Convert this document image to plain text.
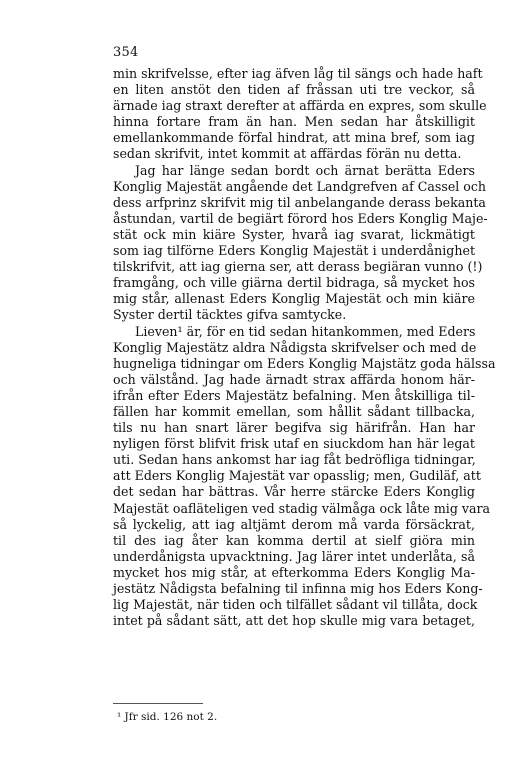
354
min skrifvelsse, efter iag äfven låg til sängs och hade haft
en liten anstöt den tiden af fråssan uti tre veckor, så
ärnade iag straxt derefter at affärda en expres, som skulle
hinna fortare fram än han. Men sedan har åtskilligit
emellankommande förfal hindrat, att mina bref, som iag
sedan skrifvit, intet kommit at affärdas förän nu detta.
Jag har länge sedan bordt och ärnat berätta Eders
Konglig Majestät angående det Landgrefven af Cassel och
dess arfprinz skrifvit mig til anbelangande derass bekanta
åstundan, vartil de begiärt förord hos Eders Konglig Maje-
stät ock min kiäre Syster, hvarå iag svarat, lickmätigt
som iag tilförne Eders Konglig Majestät i underdånighet
tilskrifvit, att iag gierna ser, att derass begiäran vunno (!)
framgång, och ville giärna dertil bidraga, så mycket hos
mig står, allenast Eders Konglig Majestät och min kiäre
Syster dertil täcktes gifva samtycke.
Lieven¹ är, för en tid sedan hitankommen, med Eders
Konglig Majestätz aldra Nådigsta skrifvelser och med de
hugneliga tidningar om Eders Konglig Majstätz goda hälssa
och välstånd. Jag hade ärnadt strax affärda honom här-
ifrån efter Eders Majestätz befalning. Men åtskilliga til-
fällen har kommit emellan, som hållit sådant tillbacka,
tils nu han snart lärer begifva sig härifrån. Han har
nyligen först blifvit frisk utaf en siuckdom han här legat
uti. Sedan hans ankomst har iag fåt bedröfliga tidningar,
att Eders Konglig Majestät var opasslig; men, Gudiläf, att
det sedan har bättras. Vår herre stärcke Eders Konglig
Majestät oafläteligen ved stadig välmåga ock låte mig vara
så lyckelig, att iag altjämt derom må varda försäckrat,
til des iag åter kan komma dertil at sielf giöra min
underdånigsta upvacktning. Jag lärer intet underlåta, så
mycket hos mig står, at efterkomma Eders Konglig Ma-
jestätz Nådigsta befalning til infinna mig hos Eders Kong-
lig Majestät, när tiden och tilfället sådant vil tillåta, dock
intet på sådant sätt, att det hop skulle mig vara betaget,
¹ Jfr sid. 126 not 2.
